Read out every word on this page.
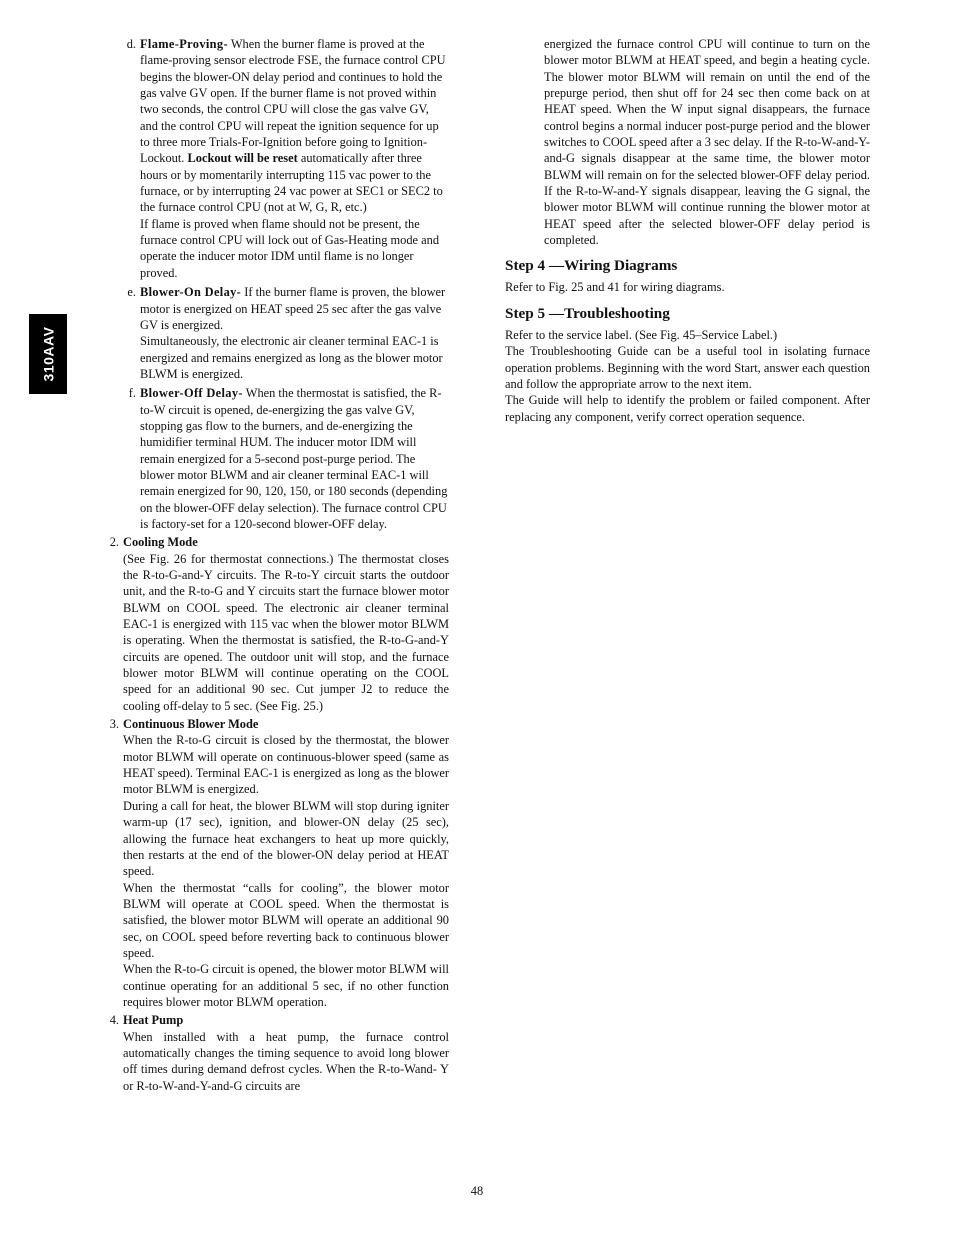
310AAV
d. Flame-Proving- When the burner flame is proved at the flame-proving sensor electrode FSE, the furnace control CPU begins the blower-ON delay period and continues to hold the gas valve GV open. If the burner flame is not proved within two seconds, the control CPU will close the gas valve GV, and the control CPU will repeat the ignition sequence for up to three more Trials-For-Ignition before going to Ignition-Lockout. Lockout will be reset automatically after three hours or by momentarily interrupting 115 vac power to the furnace, or by interrupting 24 vac power at SEC1 or SEC2 to the furnace control CPU (not at W, G, R, etc.)

If flame is proved when flame should not be present, the furnace control CPU will lock out of Gas-Heating mode and operate the inducer motor IDM until flame is no longer proved.

e. Blower-On Delay- If the burner flame is proven, the blower motor is energized on HEAT speed 25 sec after the gas valve GV is energized.

Simultaneously, the electronic air cleaner terminal EAC-1 is energized and remains energized as long as the blower motor BLWM is energized.

f. Blower-Off Delay- When the thermostat is satisfied, the R-to-W circuit is opened, de-energizing the gas valve GV, stopping gas flow to the burners, and de-energizing the humidifier terminal HUM. The inducer motor IDM will remain energized for a 5-second post-purge period. The blower motor BLWM and air cleaner terminal EAC-1 will remain energized for 90, 120, 150, or 180 seconds (depending on the blower-OFF delay selection). The furnace control CPU is factory-set for a 120-second blower-OFF delay.

2. Cooling Mode

(See Fig. 26 for thermostat connections.) The thermostat closes the R-to-G-and-Y circuits. The R-to-Y circuit starts the outdoor unit, and the R-to-G and Y circuits start the furnace blower motor BLWM on COOL speed. The electronic air cleaner terminal EAC-1 is energized with 115 vac when the blower motor BLWM is operating. When the thermostat is satisfied, the R-to-G-and-Y circuits are opened. The outdoor unit will stop, and the furnace blower motor BLWM will continue operating on the COOL speed for an additional 90 sec. Cut jumper J2 to reduce the cooling off-delay to 5 sec. (See Fig. 25.)

3. Continuous Blower Mode

When the R-to-G circuit is closed by the thermostat, the blower motor BLWM will operate on continuous-blower speed (same as HEAT speed). Terminal EAC-1 is energized as long as the blower motor BLWM is energized.

During a call for heat, the blower BLWM will stop during igniter warm-up (17 sec), ignition, and blower-ON delay (25 sec), allowing the furnace heat exchangers to heat up more quickly, then restarts at the end of the blower-ON delay period at HEAT speed.

When the thermostat “calls for cooling”, the blower motor BLWM will operate at COOL speed. When the thermostat is satisfied, the blower motor BLWM will operate an additional 90 sec, on COOL speed before reverting back to continuous blower speed.

When the R-to-G circuit is opened, the blower motor BLWM will continue operating for an additional 5 sec, if no other function requires blower motor BLWM operation.

4. Heat Pump

When installed with a heat pump, the furnace control automatically changes the timing sequence to avoid long blower off times during demand defrost cycles. When the R-to-Wand- Y or R-to-W-and-Y-and-G circuits are

energized the furnace control CPU will continue to turn on the blower motor BLWM at HEAT speed, and begin a heating cycle. The blower motor BLWM will remain on until the end of the prepurge period, then shut off for 24 sec then come back on at HEAT speed. When the W input signal disappears, the furnace control begins a normal inducer post-purge period and the blower switches to COOL speed after a 3 sec delay. If the R-to-W-and-Y-and-G signals disappear at the same time, the blower motor BLWM will remain on for the selected blower-OFF delay period. If the R-to-W-and-Y signals disappear, leaving the G signal, the blower motor BLWM will continue running the blower motor at HEAT speed after the selected blower-OFF delay period is completed.

Step 4 —Wiring Diagrams

Refer to Fig. 25 and 41 for wiring diagrams.

Step 5 —Troubleshooting

Refer to the service label. (See Fig. 45–Service Label.)

The Troubleshooting Guide can be a useful tool in isolating furnace operation problems. Beginning with the word Start, answer each question and follow the appropriate arrow to the next item.

The Guide will help to identify the problem or failed component. After replacing any component, verify correct operation sequence.

48
